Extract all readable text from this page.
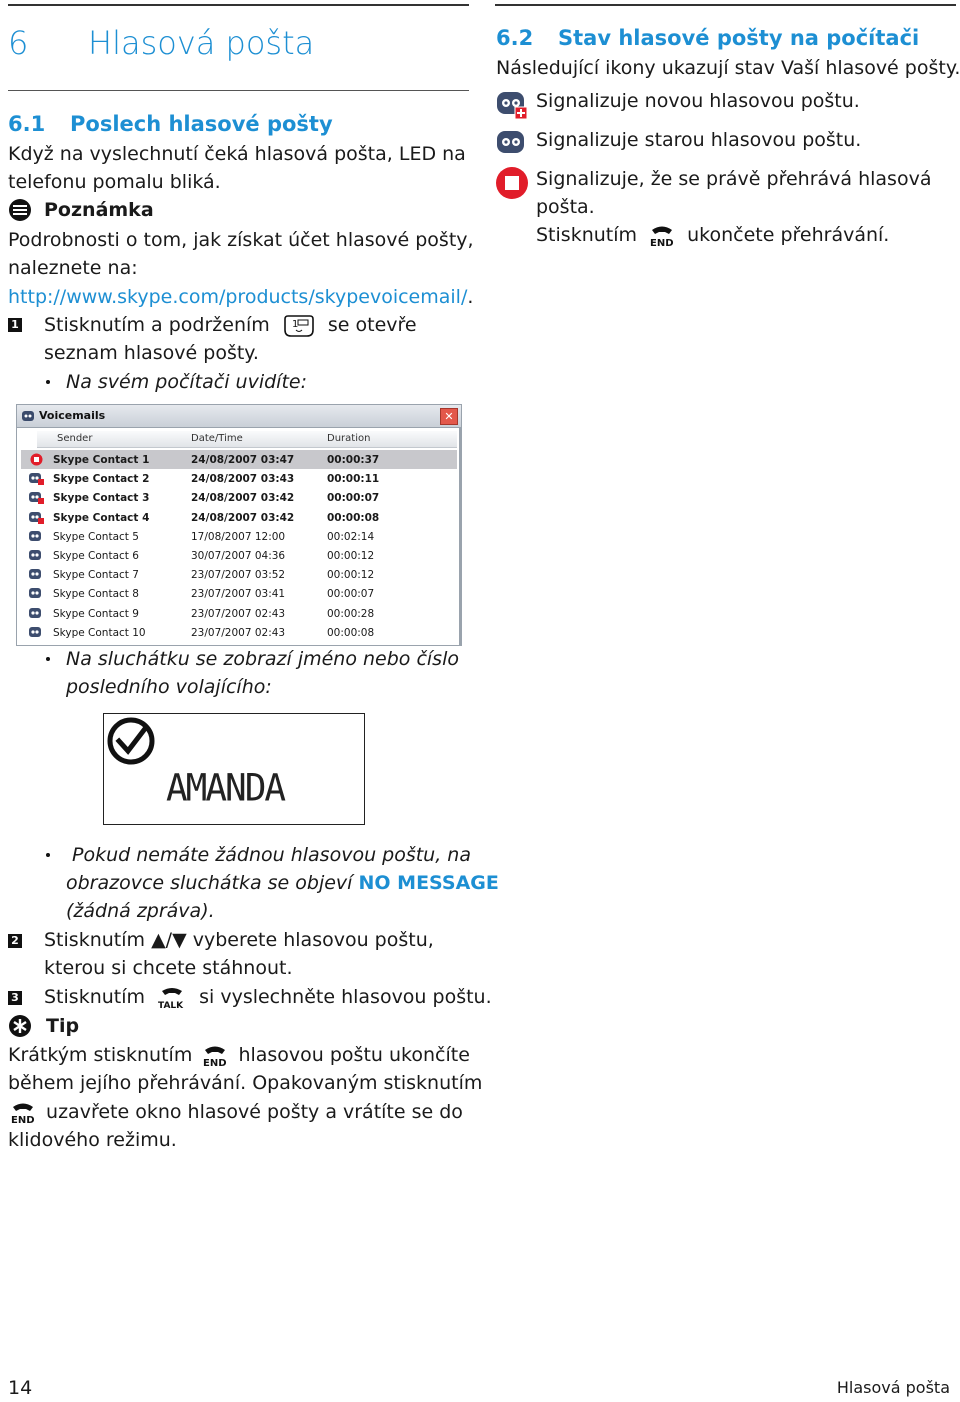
6 Hlasová pošta
6.1 Poslech hlasové pošty
Když na vyslechnutí čeká hlasová pošta, LED na
telefonu pomalu bliká.
Poznámka
Podrobnosti o tom, jak získat účet hlasové pošty,
naleznete na:
http://www.skype.com/products/skypevoicemail/.
1 Stisknutím a podržením 1 se otevře
seznam hlasové pošty.
Na svém počítači uvidíte:
Voicemails	✕
Sender	Date/Time	Duration
Skype Contact 1	24/08/2007 03:47	00:00:37
Skype Contact 2	24/08/2007 03:43	00:00:11
Skype Contact 3	24/08/2007 03:42	00:00:07
Skype Contact 4	24/08/2007 03:42	00:00:08
Skype Contact 5	17/08/2007 12:00	00:02:14
Skype Contact 6	30/07/2007 04:36	00:00:12
Skype Contact 7	23/07/2007 03:52	00:00:12
Skype Contact 8	23/07/2007 03:41	00:00:07
Skype Contact 9	23/07/2007 02:43	00:00:28
Skype Contact 10	23/07/2007 02:43	00:00:08
Na sluchátku se zobrazí jméno nebo číslo
posledního volajícího:
AMANDA
Pokud nemáte žádnou hlasovou poštu, na
obrazovce sluchátka se objeví NO MESSAGE
(žádná zpráva).
2 Stisknutím ▲/▼ vyberete hlasovou poštu,
kterou si chcete stáhnout.
3 Stisknutím TALK si vyslechněte hlasovou poštu.
Tip
Krátkým stisknutím END hlasovou poštu ukončíte
během jejího přehrávání. Opakovaným stisknutím
END uzavřete okno hlasové pošty a vrátíte se do
klidového režimu.
6.2 Stav hlasové pošty na počítači
Následující ikony ukazují stav Vaší hlasové pošty.
Signalizuje novou hlasovou poštu.
Signalizuje starou hlasovou poštu.
Signalizuje, že se právě přehrává hlasová
pošta.
Stisknutím END ukončete přehrávání.
14	Hlasová pošta
